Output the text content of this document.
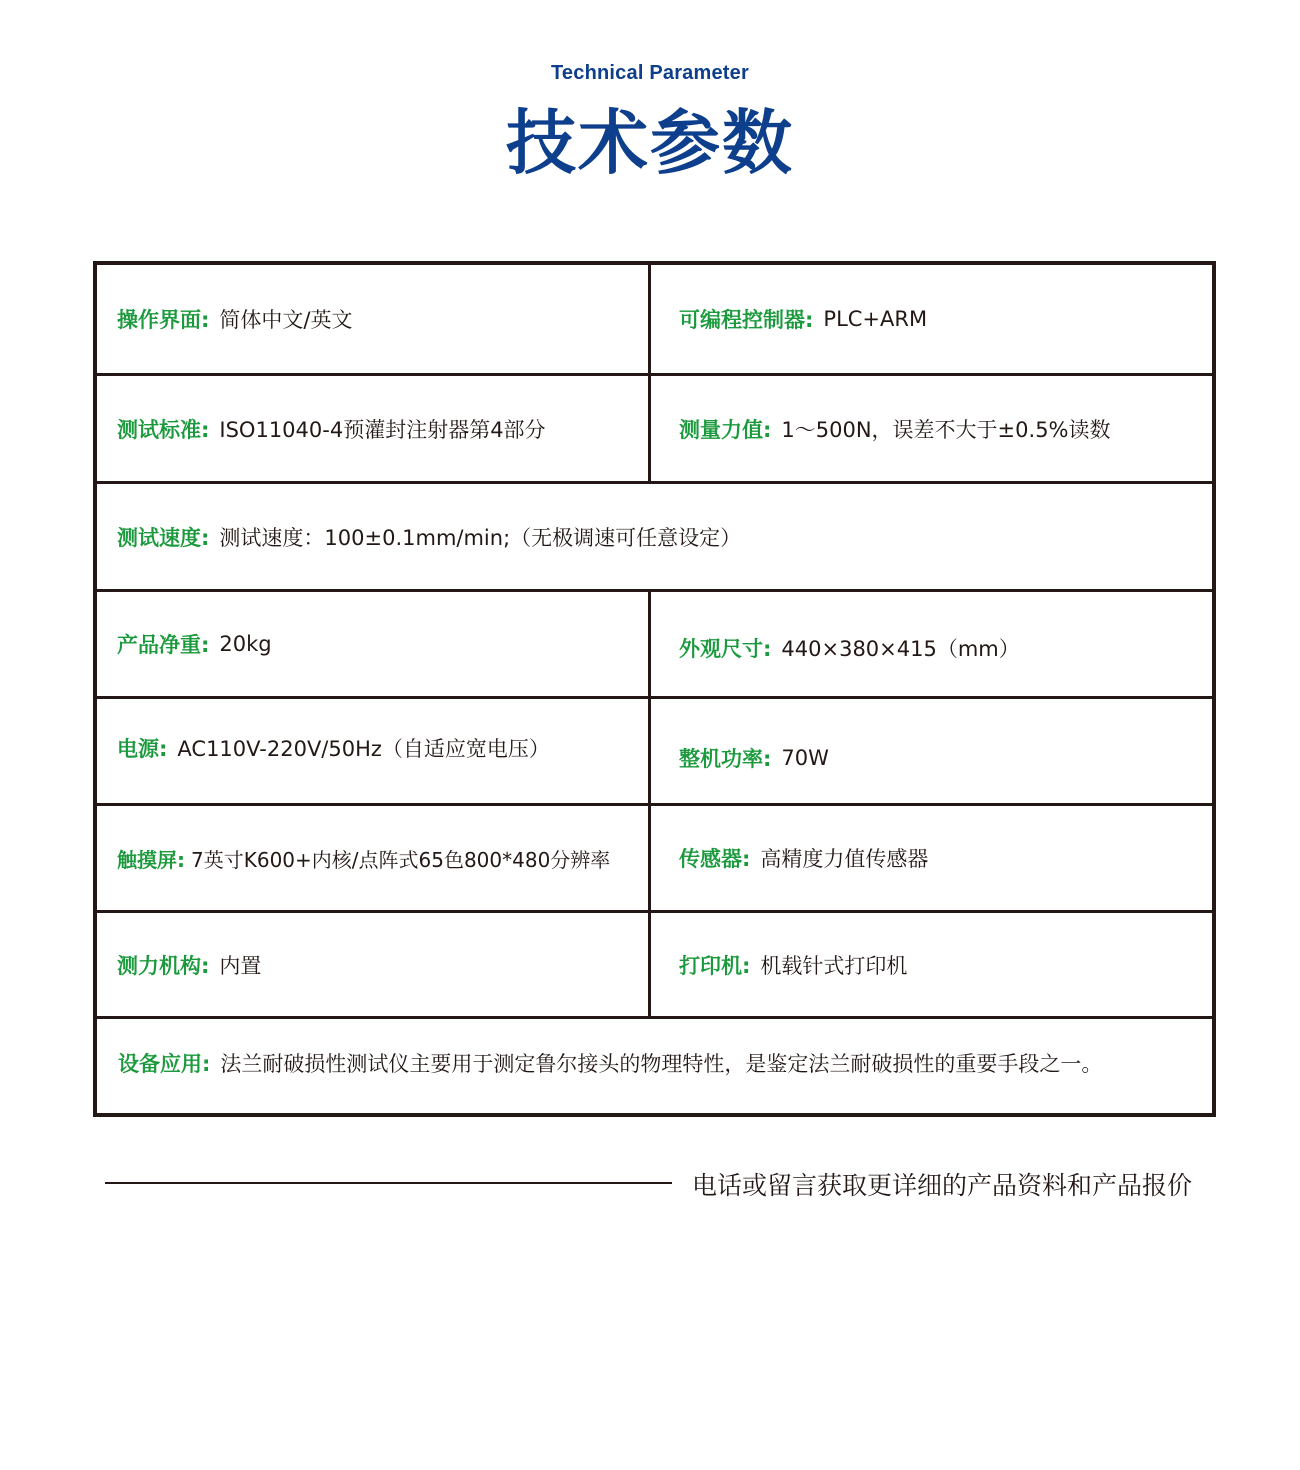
Technical Parameter
技术参数
操作界面: 简体中文/英文	可编程控制器: PLC+ARM
测试标准: ISO11040-4预灌封注射器第4部分	测量力值: 1～500N，误差不大于±0.5%读数
测试速度: 测试速度：100±0.1mm/min;（无极调速可任意设定）
产品净重: 20kg	外观尺寸: 440×380×415（mm）
电源: AC110V-220V/50Hz（自适应宽电压）	整机功率: 70W
触摸屏: 7英寸K600+内核/点阵式65色800*480分辨率	传感器: 高精度力值传感器
测力机构: 内置	打印机: 机载针式打印机
设备应用: 法兰耐破损性测试仪主要用于测定鲁尔接头的物理特性，是鉴定法兰耐破损性的重要手段之一。
电话或留言获取更详细的产品资料和产品报价
